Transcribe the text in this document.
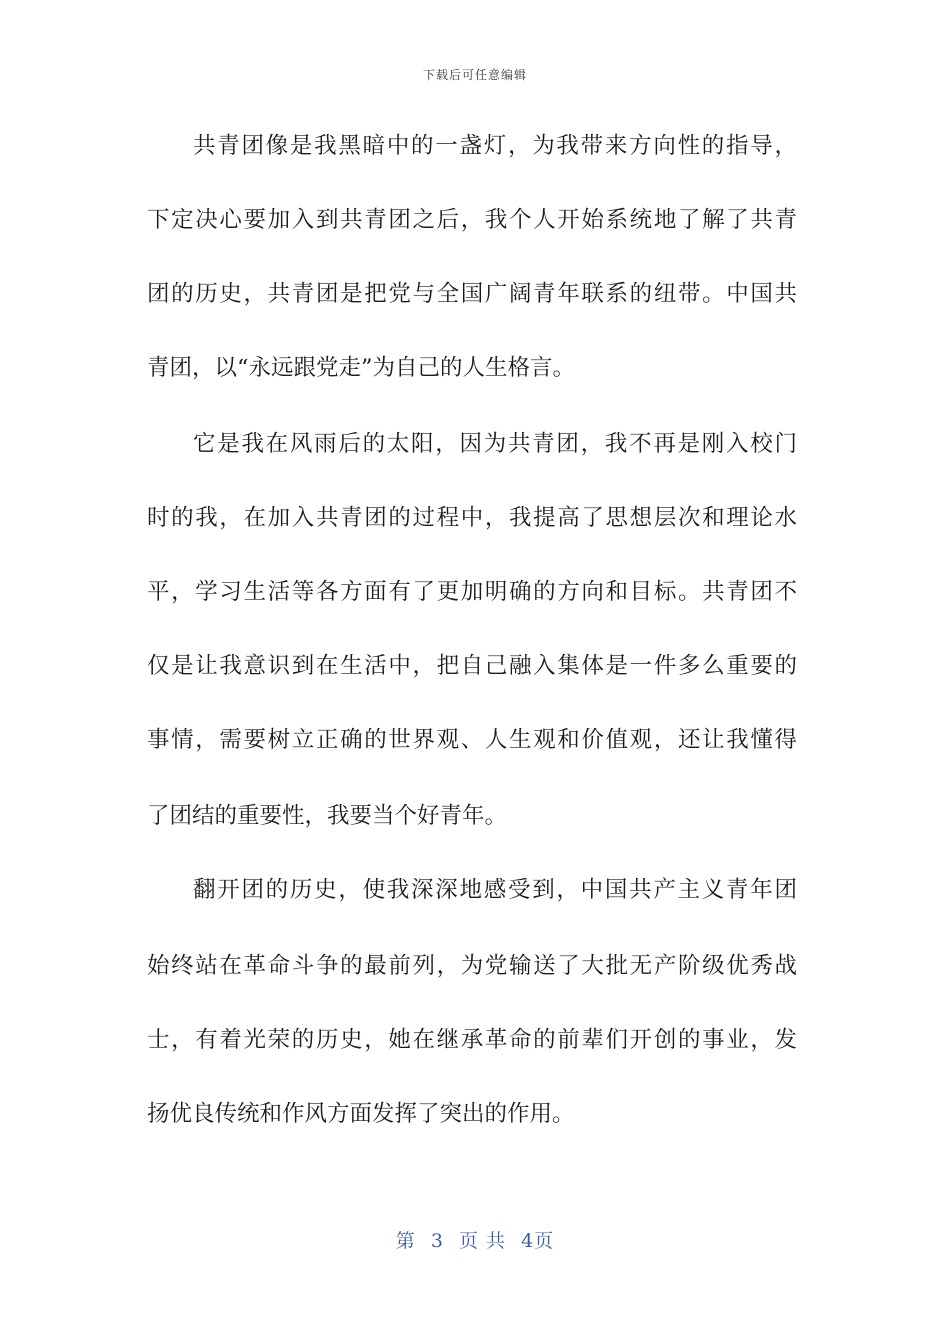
下载后可任意编辑
共青团像是我黑暗中的一盏灯，为我带来方向性的指导，
下定决心要加入到共青团之后，我个人开始系统地了解了共青
团的历史，共青团是把党与全国广阔青年联系的纽带。中国共
青团，以“永远跟党走”为自己的人生格言。
它是我在风雨后的太阳，因为共青团，我不再是刚入校门
时的我，在加入共青团的过程中，我提高了思想层次和理论水
平，学习生活等各方面有了更加明确的方向和目标。共青团不
仅是让我意识到在生活中，把自己融入集体是一件多么重要的
事情，需要树立正确的世界观、人生观和价值观，还让我懂得
了团结的重要性，我要当个好青年。
翻开团的历史，使我深深地感受到，中国共产主义青年团
始终站在革命斗争的最前列，为党输送了大批无产阶级优秀战
士，有着光荣的历史，她在继承革命的前辈们开创的事业，发
扬优良传统和作风方面发挥了突出的作用。
第 3 页 共 4页
